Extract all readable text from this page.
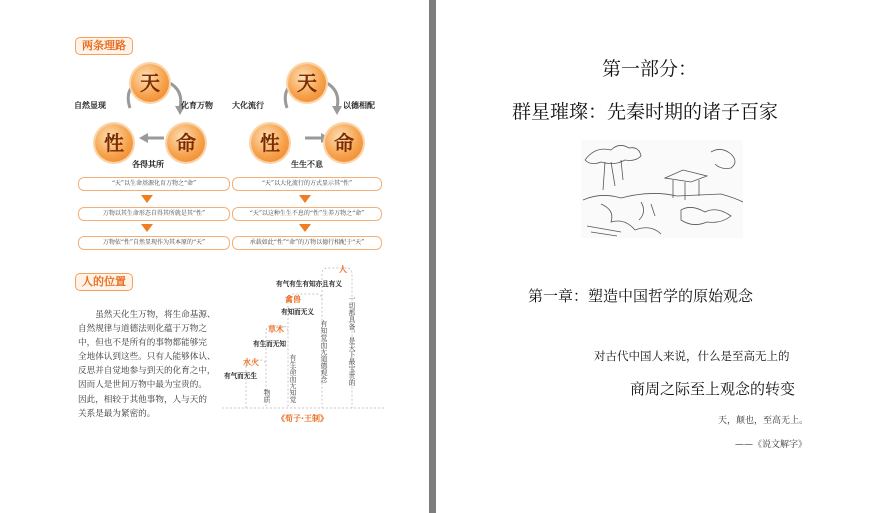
两条理路
天
性	命
自然显现	化育万物
各得其所
天
性	命
大化流行	以德相配
生生不息
“天”以生命基源化育万物之“命”
万物以其生命形态自得其所就是其“性”
万物依“性”自然显现作为其本原的“天”
“天”以大化流行的方式显示其“性”
“天”以这种生生不息的“性”生养万物之“命”
承载如此“性”“命”的万物以德行相配于“天”
人的位置
　　虽然天化生万物，将生命基源、
自然规律与道德法则化蕴于万物之
中，但也不是所有的事物都能够完
全地体认到这些。只有人能够体认、
反思并自觉地参与到天的化育之中，
因而人是世间万物中最为宝贵的。
因此，相较于其他事物，人与天的
关系是最为紧密的。
人
有气有生有知亦且有义
禽兽
有知而无义
草木
有生而无知
水火
有气而无生
物质	有生命而无知觉	有知觉而无道德观念	一切都具备，是天下最宝贵的
《荀子·王制》
第一部分：
群星璀璨：先秦时期的诸子百家
第一章：塑造中国哲学的原始观念
对古代中国人来说，什么是至高无上的
商周之际至上观念的转变
天，颠也，至高无上。
——《说文解字》
